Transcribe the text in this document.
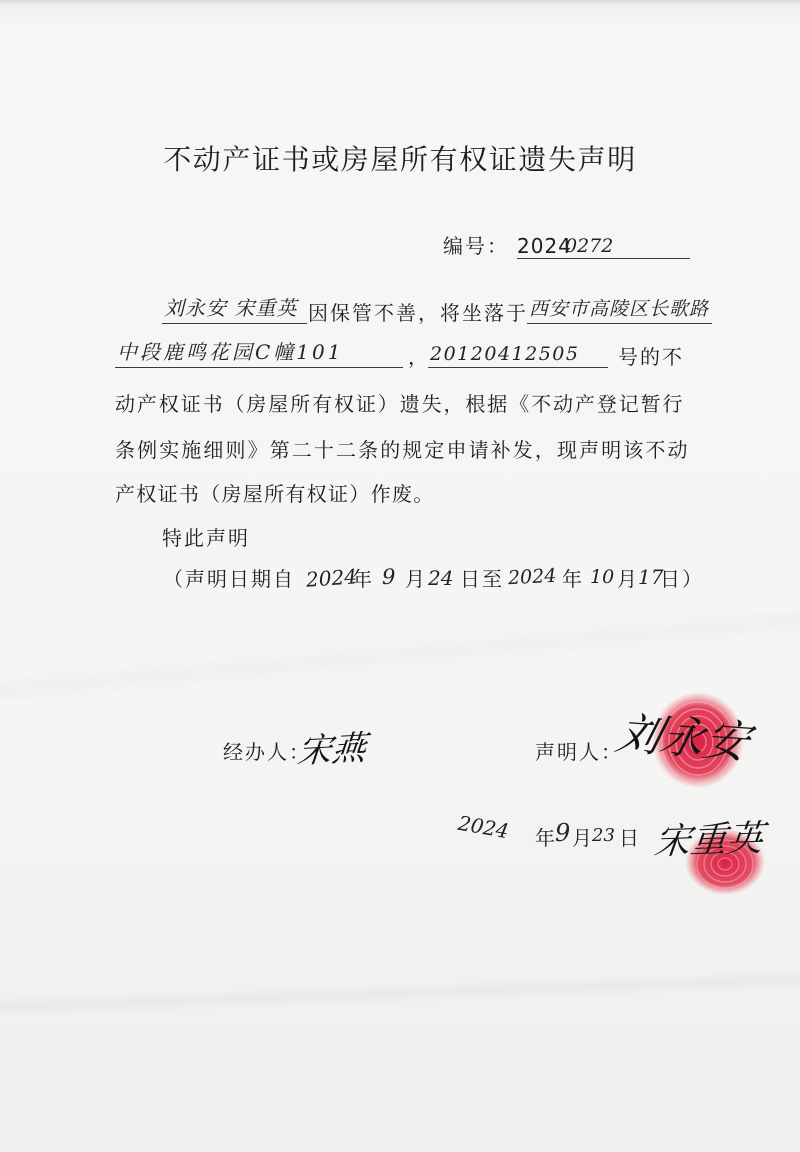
不动产证书或房屋所有权证遗失声明
编号： 2024
0272
刘永安 宋重英 因保管不善，将坐落于 西安市高陵区长歌路
中段鹿鸣花园C幢101	， 20120412505 号的不
动产权证书（房屋所有权证）遗失，根据《不动产登记暂行
条例实施细则》第二十二条的规定申请补发，现声明该不动
产权证书（房屋所有权证）作废。
特此声明
（声明日期自 2024
年 9 月 24 日至 2024 年 10 月 17
日）
经办人：
宋燕	声明人：
刘永安
2024 年
9 月
23 日 宋重英
